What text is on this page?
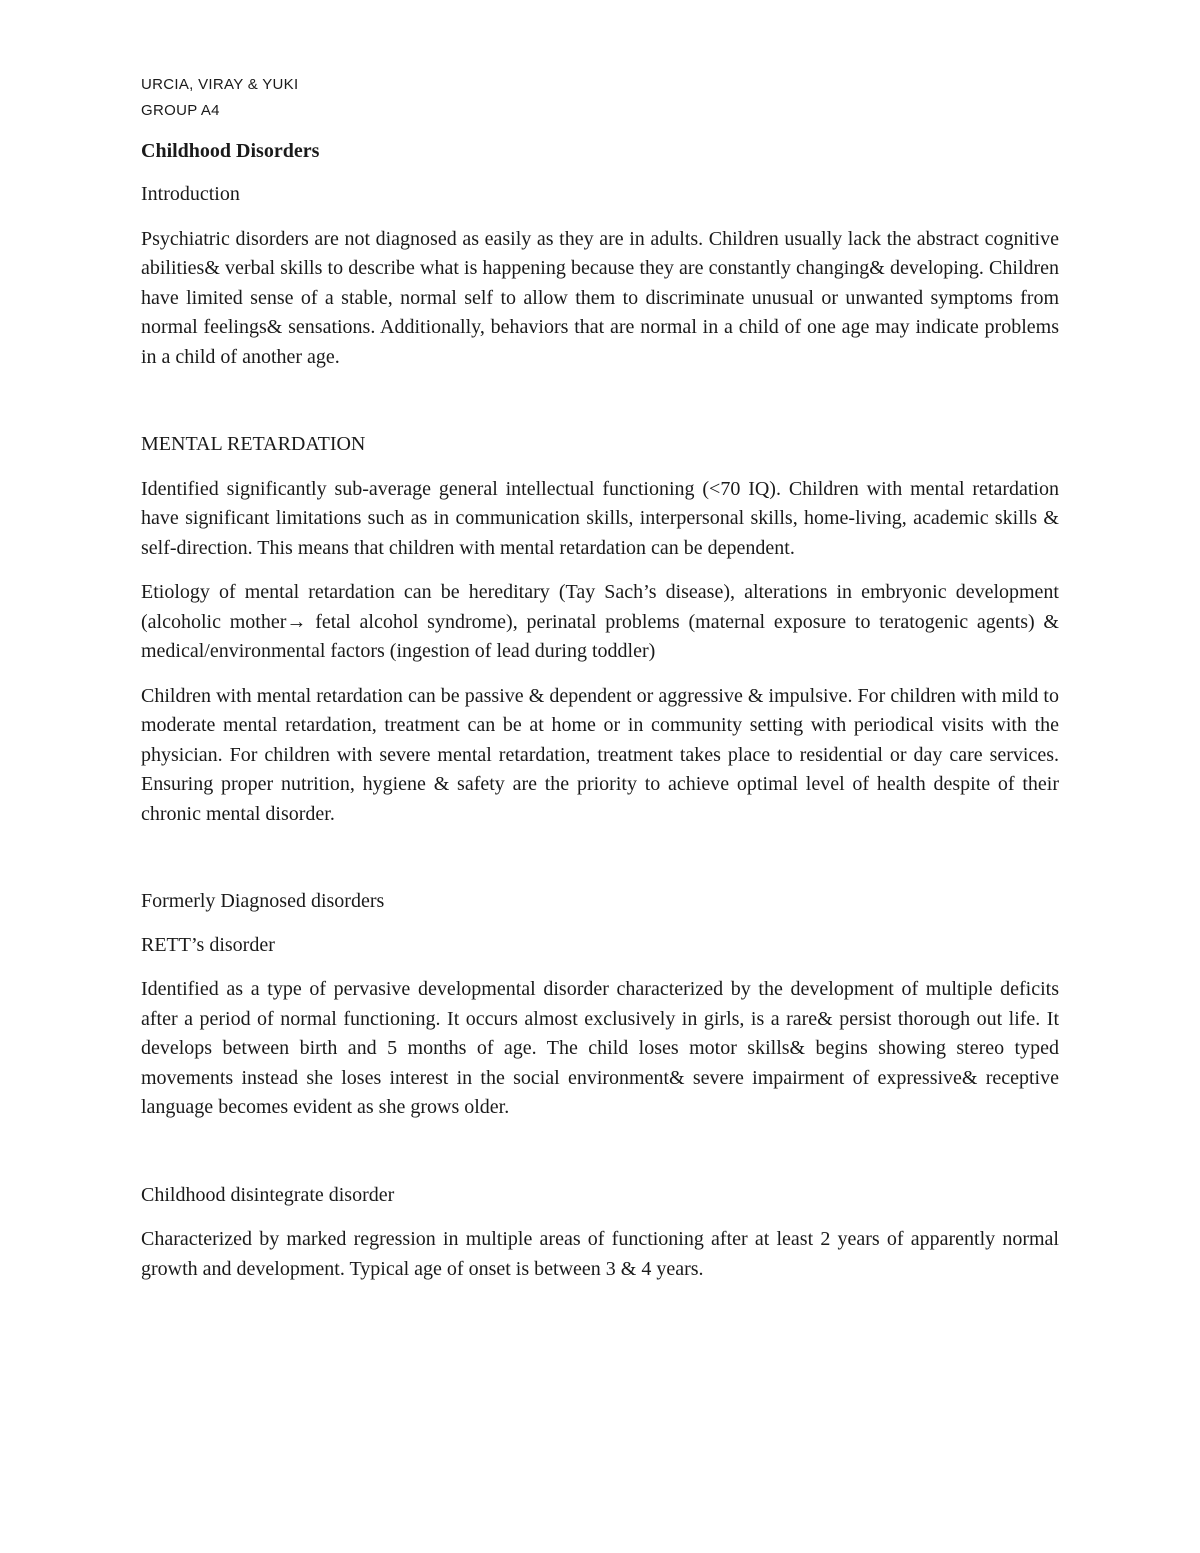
URCIA, VIRAY & YUKI
GROUP A4
Childhood Disorders
Introduction
Psychiatric disorders are not diagnosed as easily as they are in adults. Children usually lack the abstract cognitive abilities& verbal skills to describe what is happening because they are constantly changing& developing. Children have limited sense of a stable, normal self to allow them to discriminate unusual or unwanted symptoms from normal feelings& sensations. Additionally, behaviors that are normal in a child of one age may indicate problems in a child of another age.
MENTAL RETARDATION
Identified significantly sub-average general intellectual functioning (<70 IQ). Children with mental retardation have significant limitations such as in communication skills, interpersonal skills, home-living, academic skills & self-direction. This means that children with mental retardation can be dependent.
Etiology of mental retardation can be hereditary (Tay Sach’s disease), alterations in embryonic development (alcoholic mother→ fetal alcohol syndrome), perinatal problems (maternal exposure to teratogenic agents) & medical/environmental factors (ingestion of lead during toddler)
Children with mental retardation can be passive & dependent or aggressive & impulsive. For children with mild to moderate mental retardation, treatment can be at home or in community setting with periodical visits with the physician. For children with severe mental retardation, treatment takes place to residential or day care services. Ensuring proper nutrition, hygiene & safety are the priority to achieve optimal level of health despite of their chronic mental disorder.
Formerly Diagnosed disorders
RETT’s disorder
Identified as a type of pervasive developmental disorder characterized by the development of multiple deficits after a period of normal functioning. It occurs almost exclusively in girls, is a rare& persist thorough out life. It develops between birth and 5 months of age. The child loses motor skills& begins showing stereo typed movements instead she loses interest in the social environment& severe impairment of expressive& receptive language becomes evident as she grows older.
Childhood disintegrate disorder
Characterized by marked regression in multiple areas of functioning after at least 2 years of apparently normal growth and development. Typical age of onset is between 3 & 4 years.
